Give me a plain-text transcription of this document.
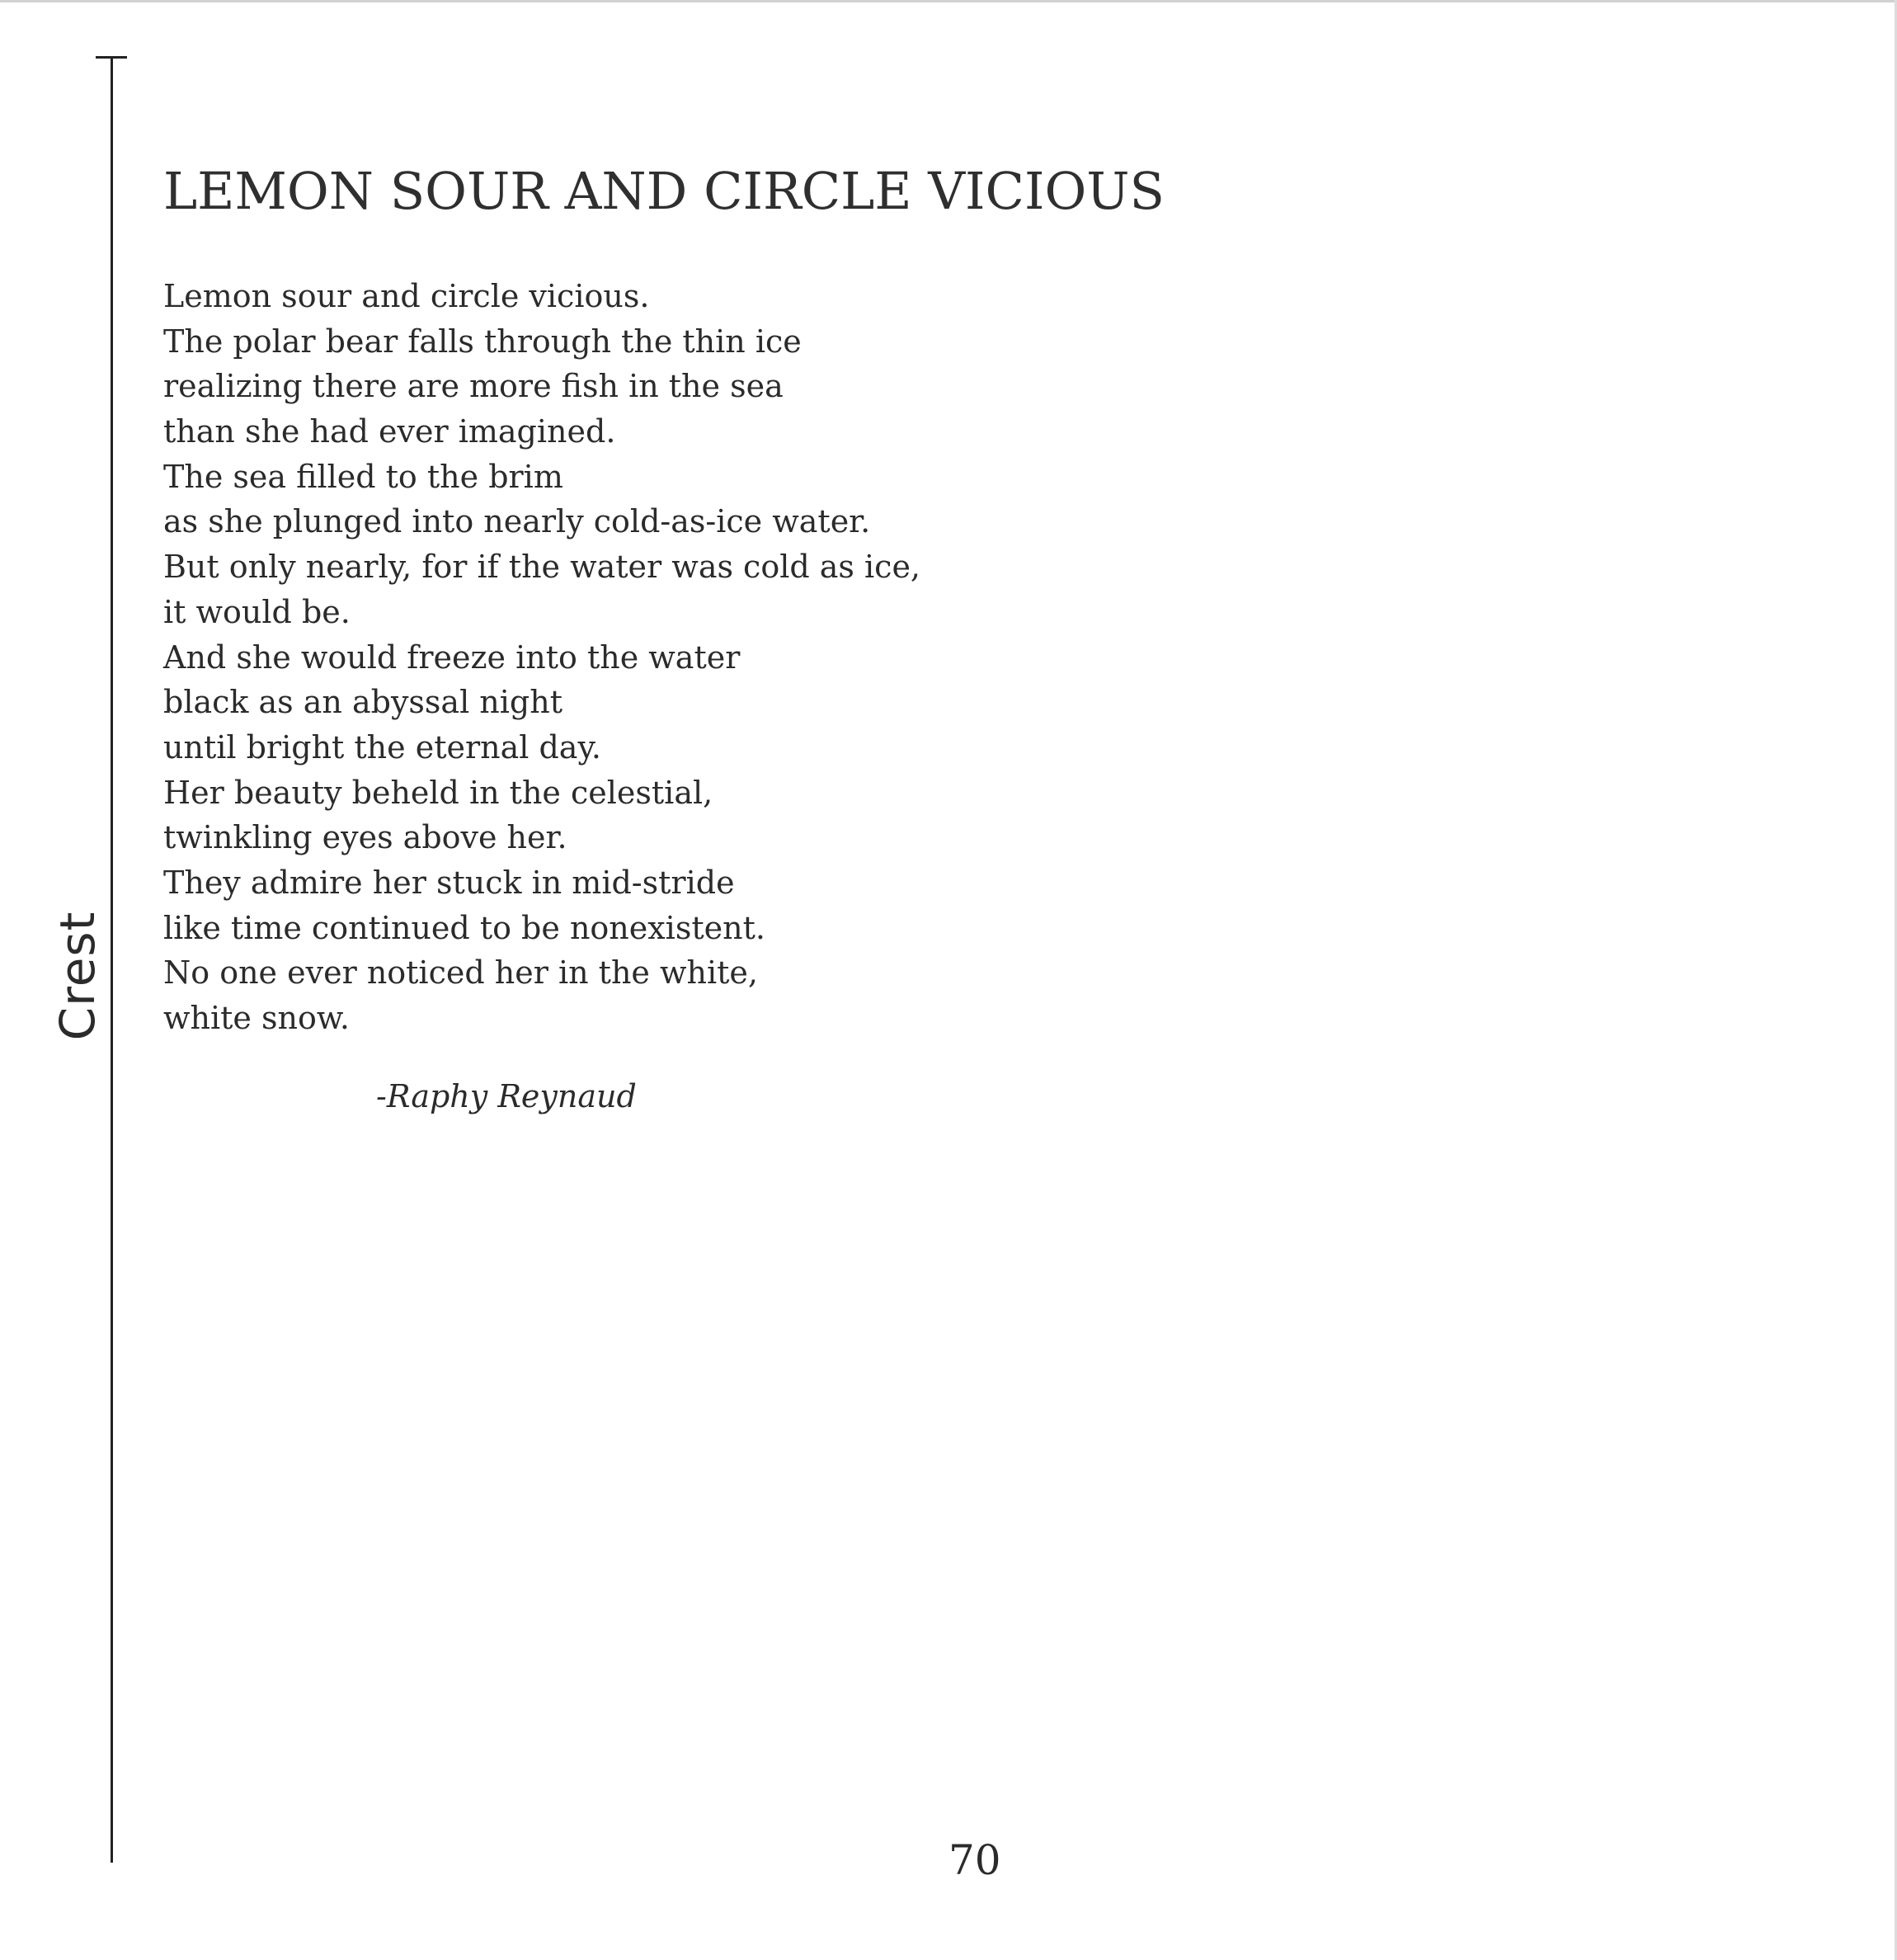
Crest
LEMON SOUR AND CIRCLE VICIOUS
Lemon sour and circle vicious.
The polar bear falls through the thin ice
realizing there are more fish in the sea
than she had ever imagined.
The sea filled to the brim
as she plunged into nearly cold-as-ice water.
But only nearly, for if the water was cold as ice,
it would be.
And she would freeze into the water
black as an abyssal night
until bright the eternal day.
Her beauty beheld in the celestial,
twinkling eyes above her.
They admire her stuck in mid-stride
like time continued to be nonexistent.
No one ever noticed her in the white,
white snow.
-Raphy Reynaud
70
